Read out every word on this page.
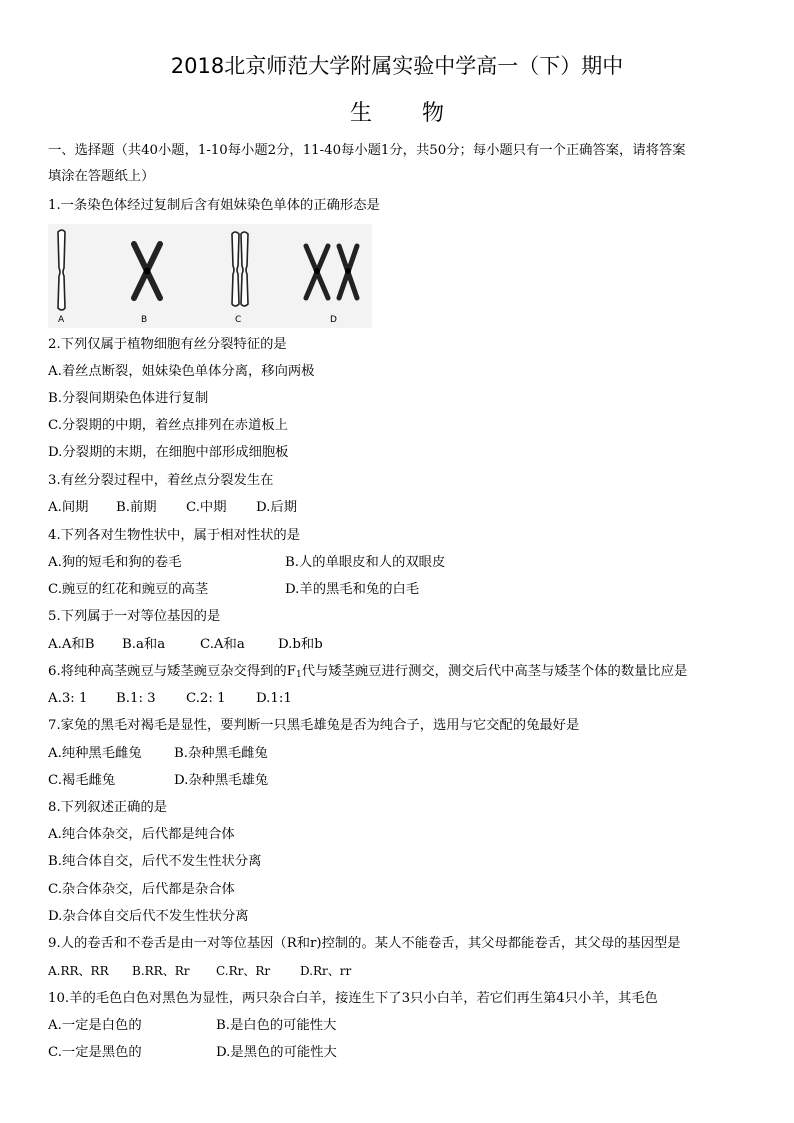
2018北京师范大学附属实验中学高一（下）期中
生物
一、选择题（共40小题，1-10每小题2分，11-40每小题1分，共50分；每小题只有一个正确答案，请将答案
填涂在答题纸上）
1.一条染色体经过复制后含有姐妹染色单体的正确形态是
A	B	C	D
2.下列仅属于植物细胞有丝分裂特征的是
A.着丝点断裂，姐妹染色单体分离，移向两极
B.分裂间期染色体进行复制
C.分裂期的中期，着丝点排列在赤道板上
D.分裂期的末期，在细胞中部形成细胞板
3.有丝分裂过程中，着丝点分裂发生在
A.间期	B.前期	C.中期	D.后期
4.下列各对生物性状中，属于相对性状的是
A.狗的短毛和狗的卷毛	B.人的单眼皮和人的双眼皮
C.豌豆的红花和豌豆的高茎	D.羊的黑毛和兔的白毛
5.下列属于一对等位基因的是
A.A和B	B.a和a	C.A和a	D.b和b
6.将纯种高茎豌豆与矮茎豌豆杂交得到的$F_1$代与矮茎豌豆进行测交，测交后代中高茎与矮茎个体的数量比应是
A.3: 1	B.1: 3	C.2: 1	D.1:1
7.家兔的黑毛对褐毛是显性，要判断一只黑毛雄兔是否为纯合子，选用与它交配的兔最好是
A.纯种黑毛雌兔	B.杂种黑毛雌兔
C.褐毛雌兔	D.杂种黑毛雄兔
8.下列叙述正确的是
A.纯合体杂交，后代都是纯合体
B.纯合体自交，后代不发生性状分离
C.杂合体杂交，后代都是杂合体
D.杂合体自交后代不发生性状分离
9.人的卷舌和不卷舌是由一对等位基因（R和r)控制的。某人不能卷舌，其父母都能卷舌，其父母的基因型是
A.RR、RR	B.RR、Rr	C.Rr、Rr	D.Rr、rr
10.羊的毛色白色对黑色为显性，两只杂合白羊，接连生下了3只小白羊，若它们再生第4只小羊，其毛色
A.一定是白色的	B.是白色的可能性大
C.一定是黑色的	D.是黑色的可能性大
